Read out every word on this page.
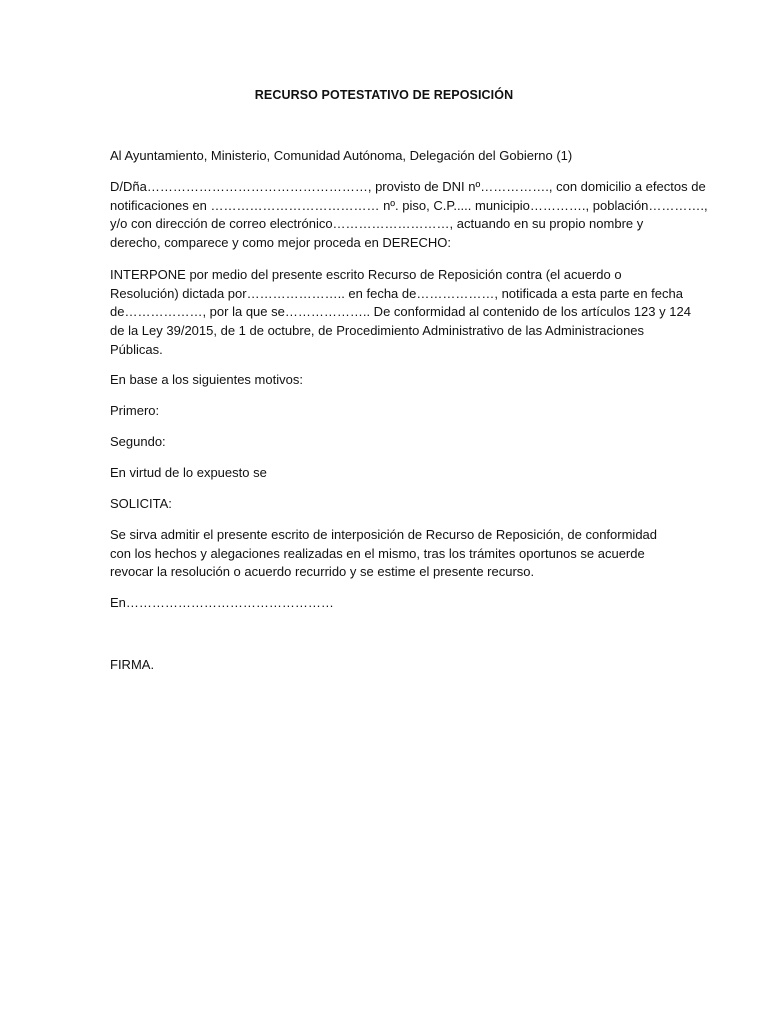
RECURSO POTESTATIVO DE REPOSICIÓN

Al Ayuntamiento, Ministerio, Comunidad Autónoma, Delegación del Gobierno (1)

D/Dña……………………………………………, provisto de DNI nº……………., con domicilio a efectos de
notificaciones en ………………………………… nº. piso, C.P..... municipio…………., población………….,
y/o con dirección de correo electrónico………………………, actuando en su propio nombre y
derecho, comparece y como mejor proceda en DERECHO:

INTERPONE por medio del presente escrito Recurso de Reposición contra (el acuerdo o
Resolución) dictada por………………….. en fecha de………………, notificada a esta parte en fecha
de………………, por la que se……………….. De conformidad al contenido de los artículos 123 y 124
de la Ley 39/2015, de 1 de octubre, de Procedimiento Administrativo de las Administraciones
Públicas.

En base a los siguientes motivos:

Primero:

Segundo:

En virtud de lo expuesto se

SOLICITA:

Se sirva admitir el presente escrito de interposición de Recurso de Reposición, de conformidad
con los hechos y alegaciones realizadas en el mismo, tras los trámites oportunos se acuerde
revocar la resolución o acuerdo recurrido y se estime el presente recurso.

En…………………………………………

FIRMA.
